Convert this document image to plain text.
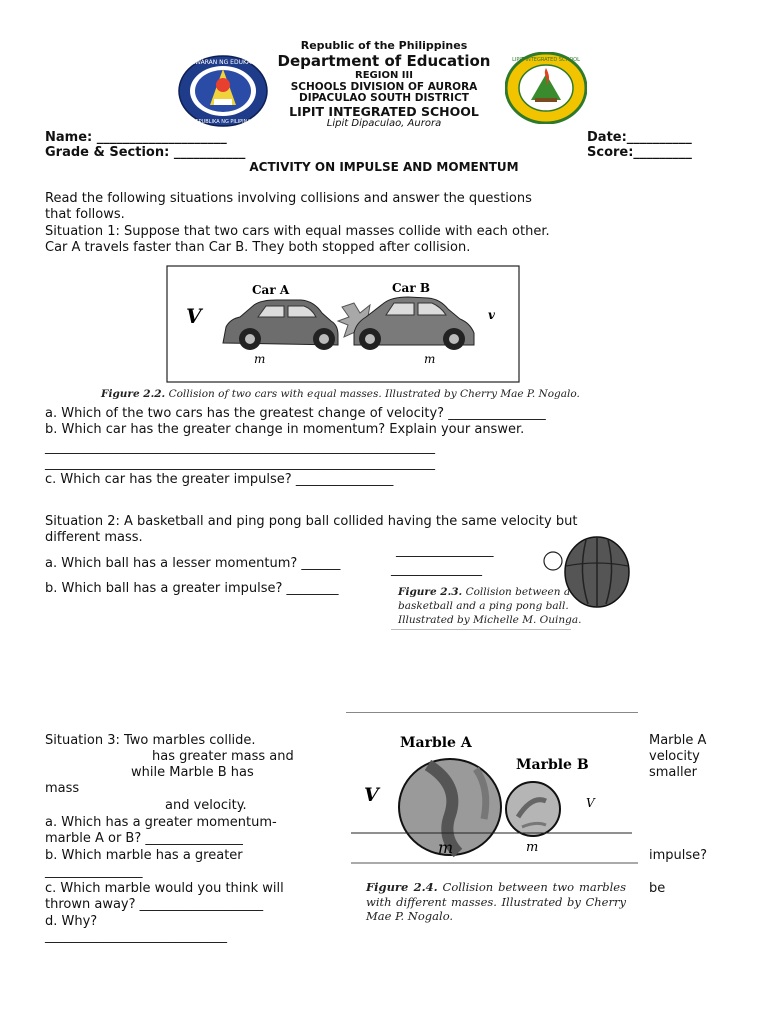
KAGAWARAN NG EDUKASYON
REPUBLIKA NG PILIPINAS
LIPIT INTEGRATED SCHOOL
Republic of the Philippines
Department of Education
REGION III
SCHOOLS DIVISION OF AURORA
DIPACULAO SOUTH DISTRICT
LIPIT INTEGRATED SCHOOL
Lipit Dipaculao, Aurora
Name: ____________________	Date:__________
Grade & Section: ___________	Score:_________
ACTIVITY ON IMPULSE AND MOMENTUM
Read the following situations involving collisions and answer the questions
that follows.
Situation 1: Suppose that two cars with equal masses collide with each other.
Car A travels faster than Car B. They both stopped after collision.
Car A	Car B
V	v
m	m
Figure 2.2. Collision of two cars with equal masses. Illustrated by Cherry Mae P. Nogalo.
a. Which of the two cars has the greatest change of velocity? _______________
b. Which car has the greater change in momentum? Explain your answer.
____________________________________________________________
____________________________________________________________
c. Which car has the greater impulse? _______________
Situation 2: A basketball and ping pong ball collided having the same velocity but
different mass.
_______________
a. Which ball has a lesser momentum? ______	______________
b. Which ball has a greater impulse? ________	Figure 2.3. Collision between a
basketball and a ping pong ball.
Illustrated by Michelle M. Ouinga.
Situation 3: Two marbles collide.	Marble A
has greater mass and	velocity
while Marble B has	smaller
mass
and velocity.
a. Which has a greater momentum-
marble A or B? _______________
b. Which marble has a greater	impulse?
_______________
c. Which marble would you think will	be
thrown away? ___________________
d. Why?
____________________________
Marble A
Marble B
V	V
m	m
Figure 2.4. Collision between two marbles with different masses. Illustrated by Cherry Mae P. Nogalo.
